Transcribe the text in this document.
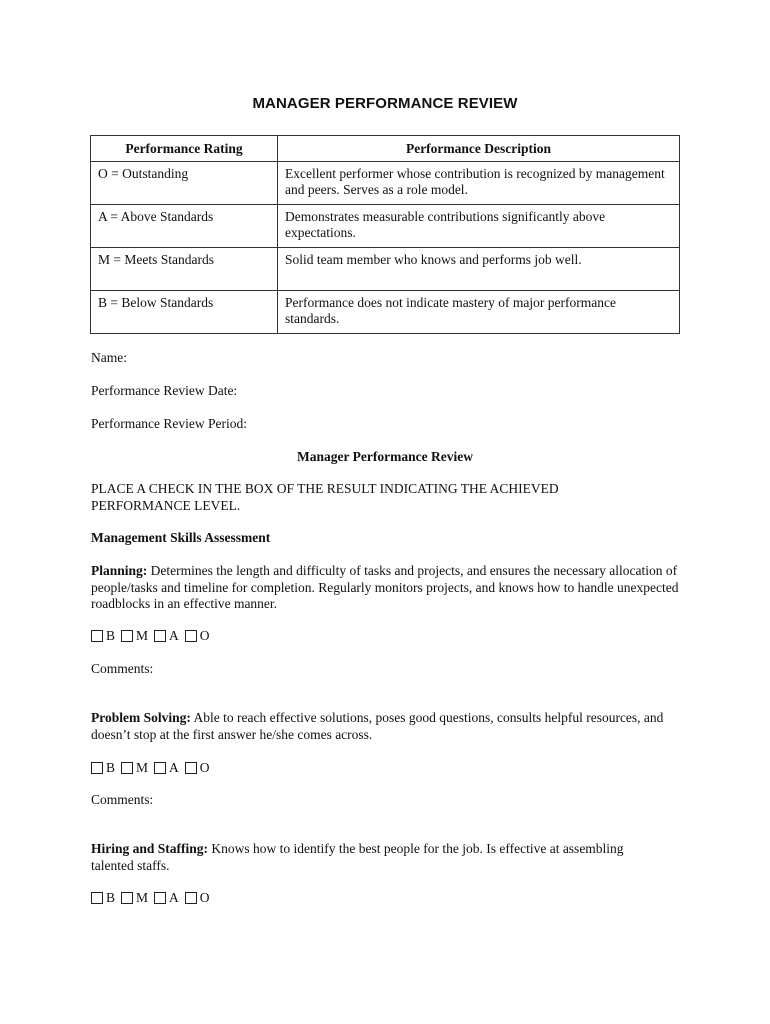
MANAGER PERFORMANCE REVIEW
Performance Rating	Performance Description
O = Outstanding	Excellent performer whose contribution is recognized by management and peers. Serves as a role model.
A = Above Standards	Demonstrates measurable contributions significantly above expectations.
M = Meets Standards	Solid team member who knows and performs job well.
B = Below Standards	Performance does not indicate mastery of major performance standards.
Name:
Performance Review Date:
Performance Review Period:
Manager Performance Review
PLACE A CHECK IN THE BOX OF THE RESULT INDICATING THE ACHIEVED PERFORMANCE LEVEL.
Management Skills Assessment
Planning: Determines the length and difficulty of tasks and projects, and ensures the necessary allocation of people/tasks and timeline for completion. Regularly monitors projects, and knows how to handle unexpected roadblocks in an effective manner.
B M A O
Comments:
Problem Solving: Able to reach effective solutions, poses good questions, consults helpful resources, and doesn’t stop at the first answer he/she comes across.
B M A O
Comments:
Hiring and Staffing: Knows how to identify the best people for the job. Is effective at assembling talented staffs.
B M A O
